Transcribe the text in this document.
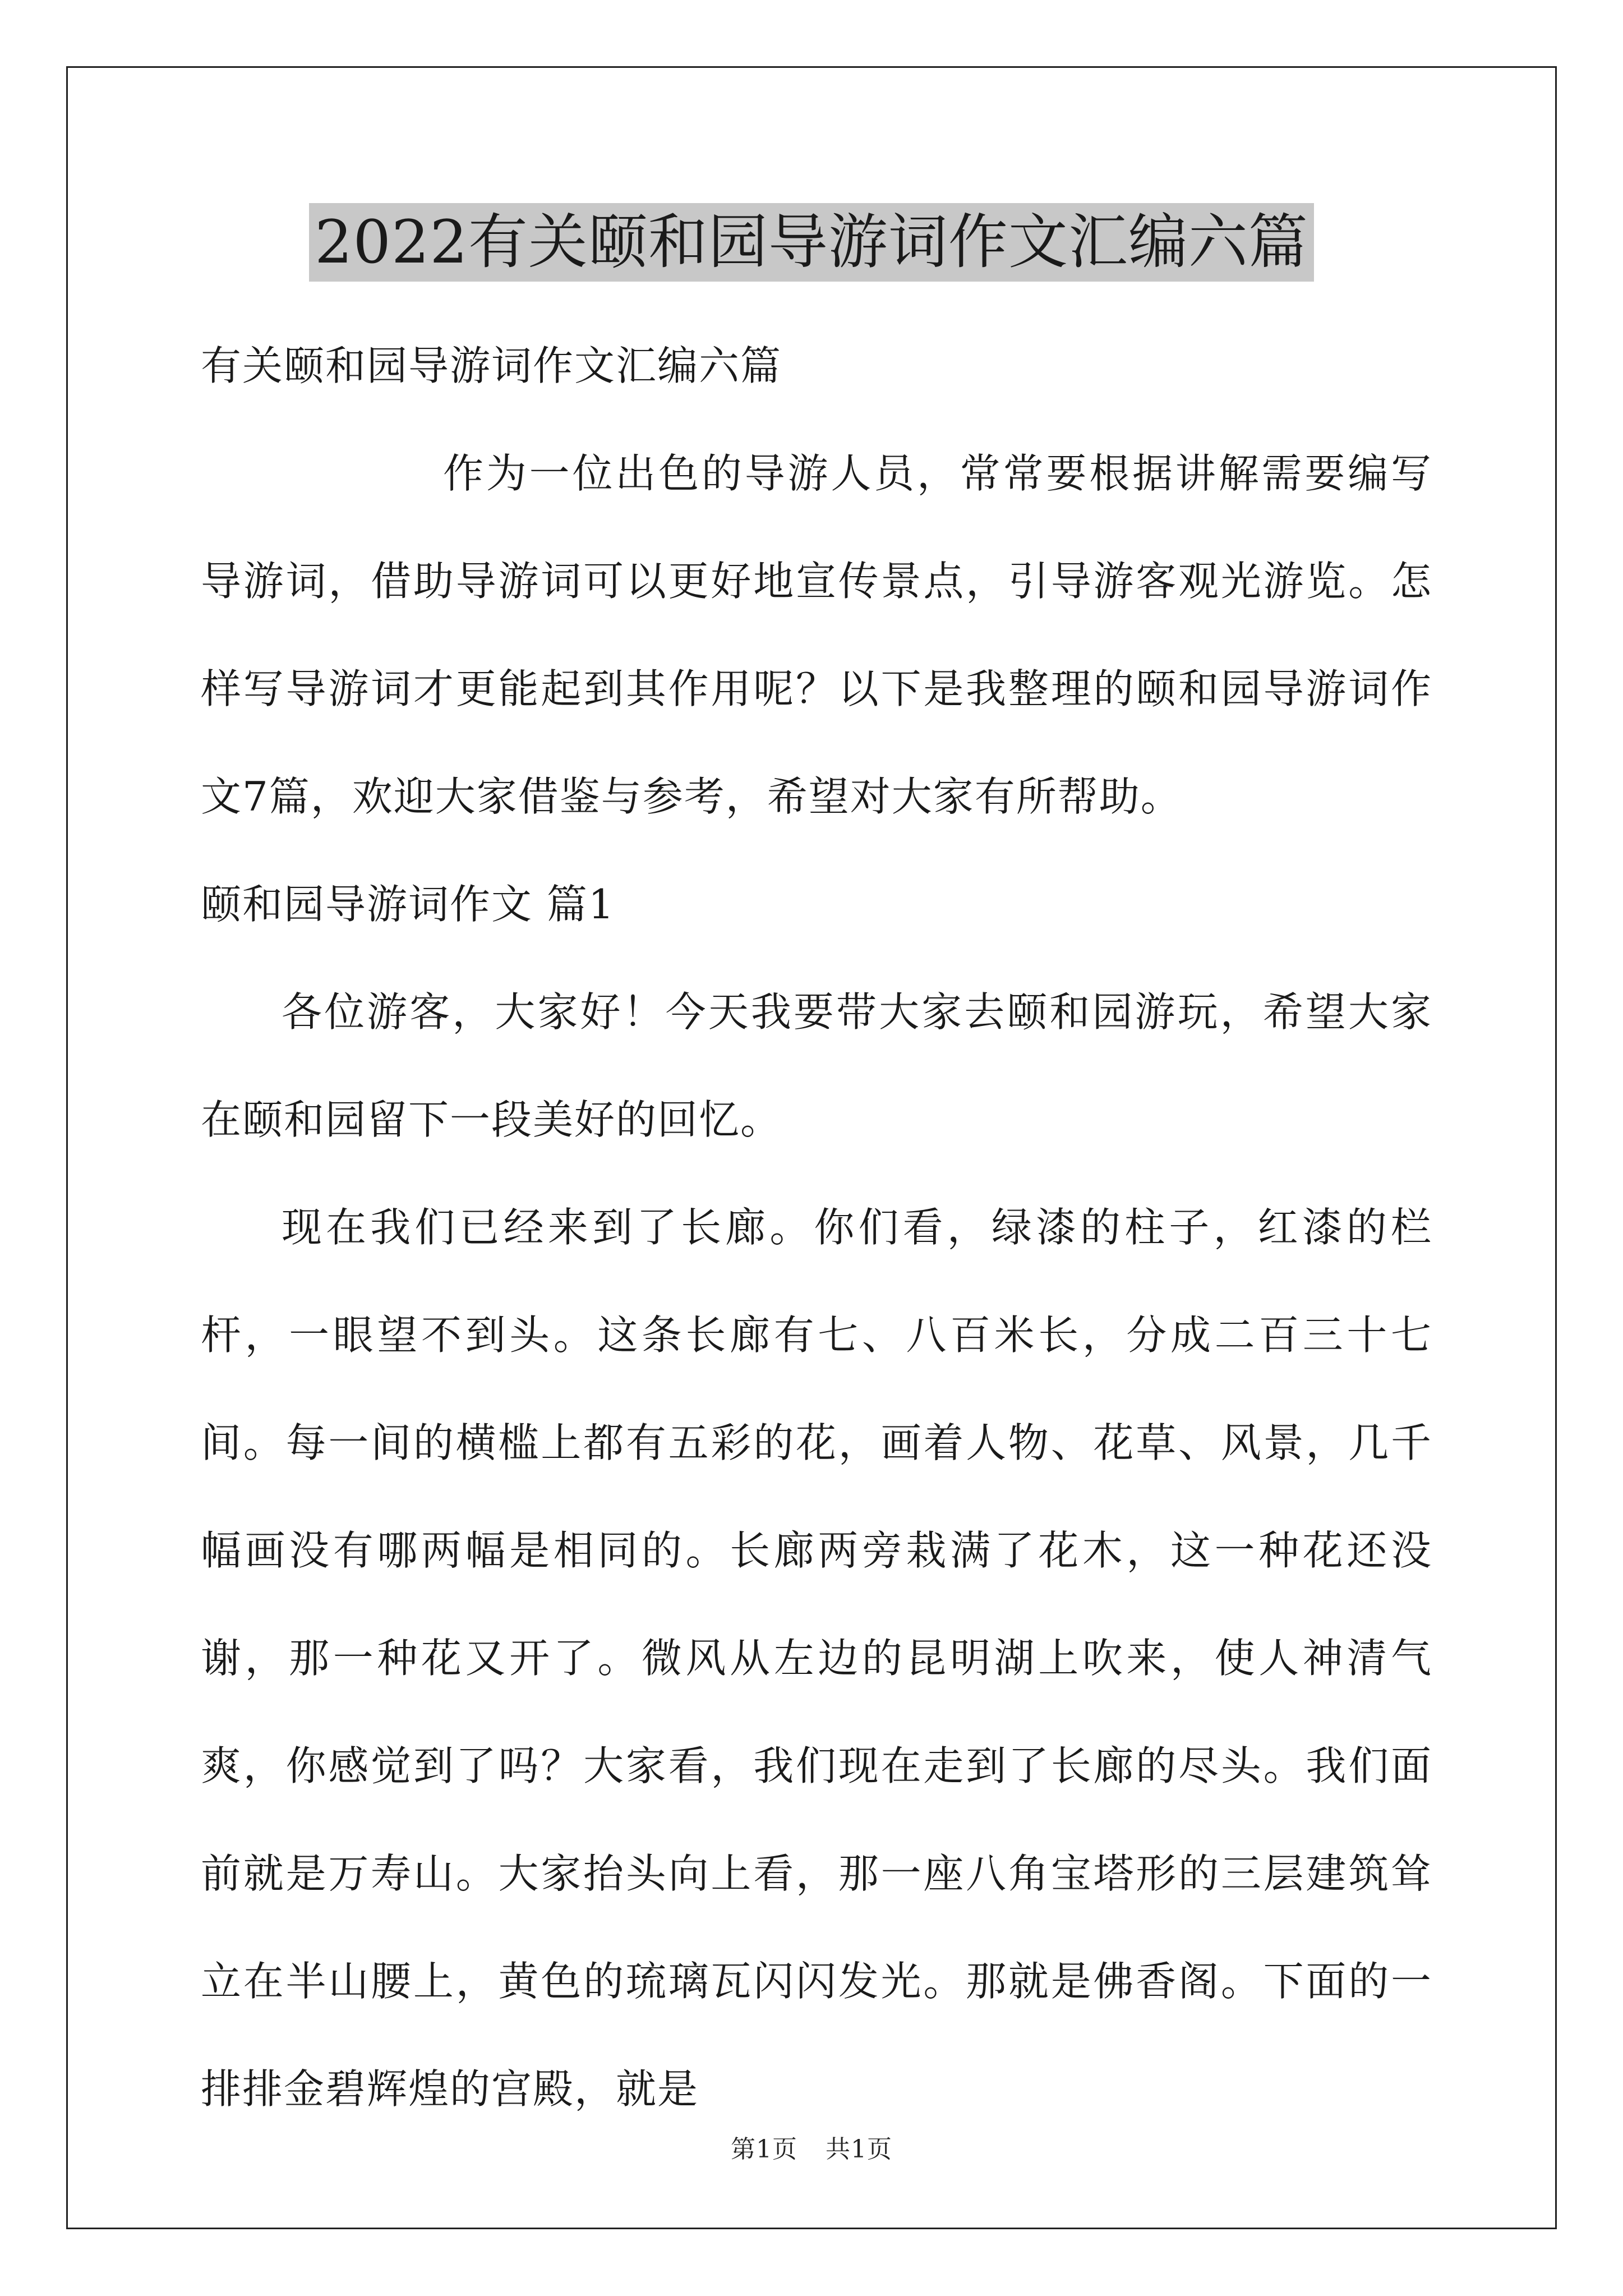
2022有关颐和园导游词作文汇编六篇

有关颐和园导游词作文汇编六篇

作为一位出色的导游人员，常常要根据讲解需要编写导游词，借助导游词可以更好地宣传景点，引导游客观光游览。怎样写导游词才更能起到其作用呢？以下是我整理的颐和园导游词作文7篇，欢迎大家借鉴与参考，希望对大家有所帮助。

颐和园导游词作文 篇1

各位游客，大家好！今天我要带大家去颐和园游玩，希望大家在颐和园留下一段美好的回忆。

现在我们已经来到了长廊。你们看，绿漆的柱子，红漆的栏杆，一眼望不到头。这条长廊有七、八百米长，分成二百三十七间。每一间的横槛上都有五彩的花，画着人物、花草、风景，几千幅画没有哪两幅是相同的。长廊两旁栽满了花木，这一种花还没谢，那一种花又开了。微风从左边的昆明湖上吹来，使人神清气爽，你感觉到了吗？大家看，我们现在走到了长廊的尽头。我们面前就是万寿山。大家抬头向上看，那一座八角宝塔形的三层建筑耸立在半山腰上，黄色的琉璃瓦闪闪发光。那就是佛香阁。下面的一排排金碧辉煌的宫殿，就是

第1页 共1页
